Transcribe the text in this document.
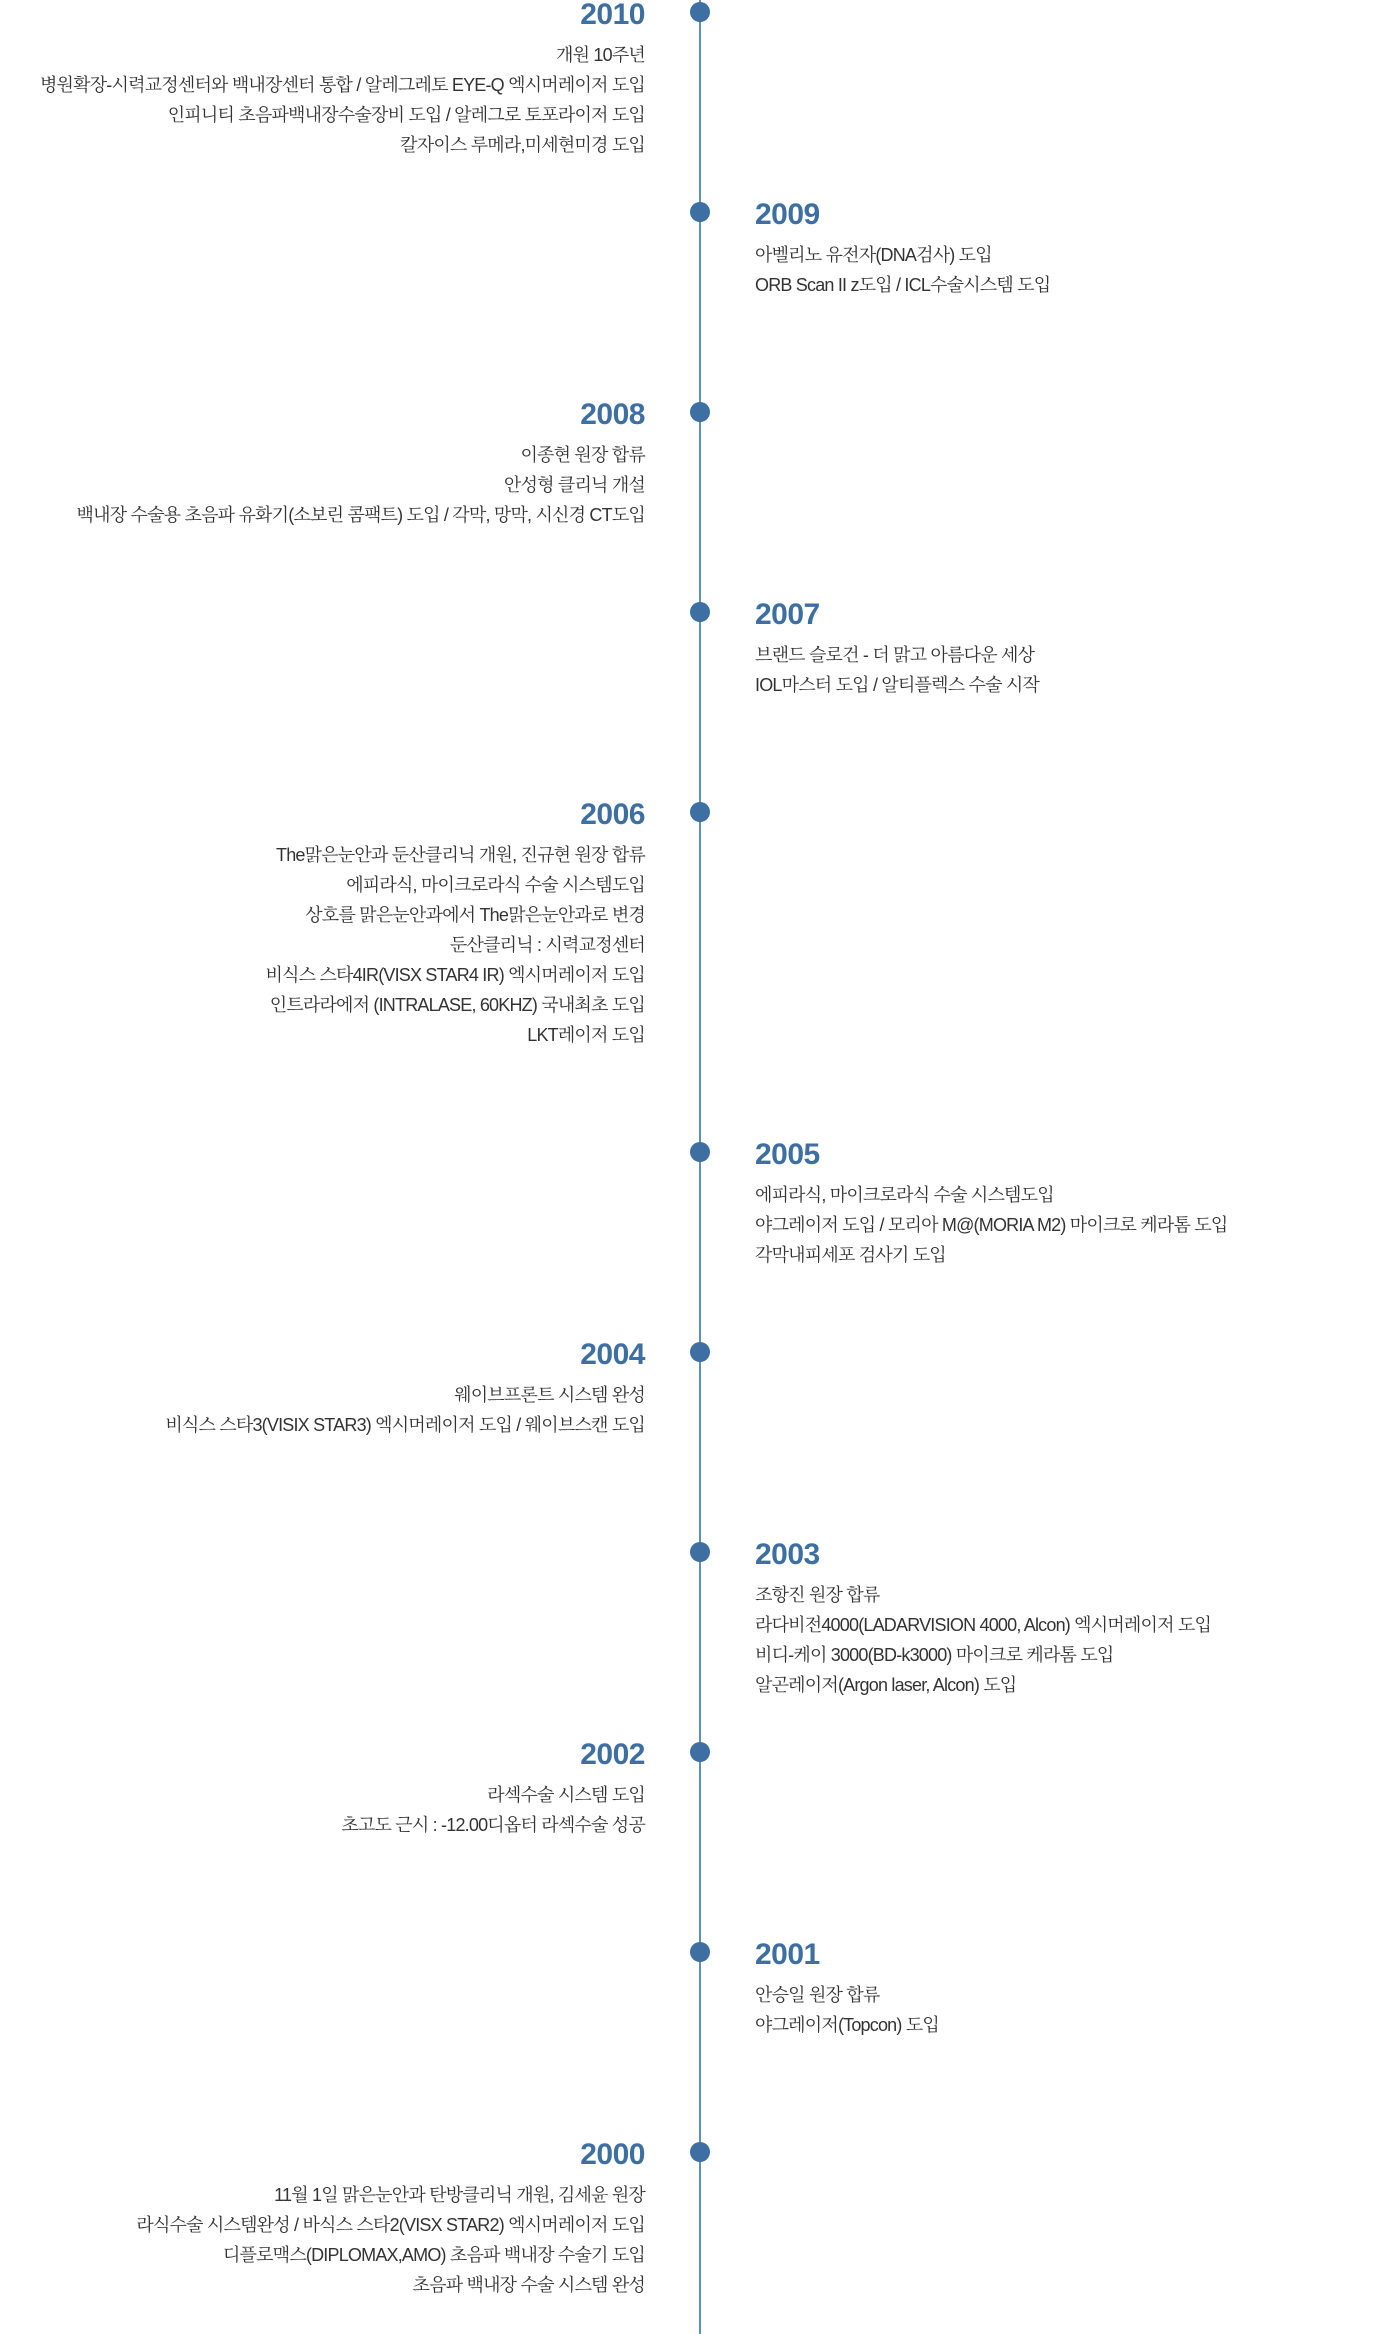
2010
개원 10주년
병원확장-시력교정센터와 백내장센터 통합 / 알레그레토 EYE-Q 엑시머레이저 도입
인피니티 초음파백내장수술장비 도입 / 알레그로 토포라이저 도입
칼자이스 루메라,미세현미경 도입
2009
아벨리노 유전자(DNA검사) 도입
ORB Scan II z도입 / ICL수술시스템 도입
2008
이종현 원장 합류
안성형 클리닉 개설
백내장 수술용 초음파 유화기(소보린 콤팩트) 도입 / 각막, 망막, 시신경 CT도입
2007
브랜드 슬로건 - 더 맑고 아름다운 세상
IOL마스터 도입 / 알티플렉스 수술 시작
2006
The맑은눈안과 둔산클리닉 개원, 진규현 원장 합류
에피라식, 마이크로라식 수술 시스템도입
상호를 맑은눈안과에서 The맑은눈안과로 변경
둔산클리닉 : 시력교정센터
비식스 스타4IR(VISX STAR4 IR) 엑시머레이저 도입
인트라라에저 (INTRALASE, 60KHZ) 국내최초 도입
LKT레이저 도입
2005
에피라식, 마이크로라식 수술 시스템도입
야그레이저 도입 / 모리아 M@(MORIA M2) 마이크로 케라톰 도입
각막내피세포 검사기 도입
2004
웨이브프론트 시스템 완성
비식스 스타3(VISIX STAR3) 엑시머레이저 도입 / 웨이브스캔 도입
2003
조항진 원장 합류
라다비전4000(LADARVISION 4000, Alcon) 엑시머레이저 도입
비디-케이 3000(BD-k3000) 마이크로 케라톰 도입
알곤레이저(Argon laser, Alcon) 도입
2002
라섹수술 시스템 도입
초고도 근시 : -12.00디옵터 라섹수술 성공
2001
안승일 원장 합류
야그레이저(Topcon) 도입
2000
11월 1일 맑은눈안과 탄방클리닉 개원, 김세윤 원장
라식수술 시스템완성 / 바식스 스타2(VISX STAR2) 엑시머레이저 도입
디플로맥스(DIPLOMAX,AMO) 초음파 백내장 수술기 도입
초음파 백내장 수술 시스템 완성
